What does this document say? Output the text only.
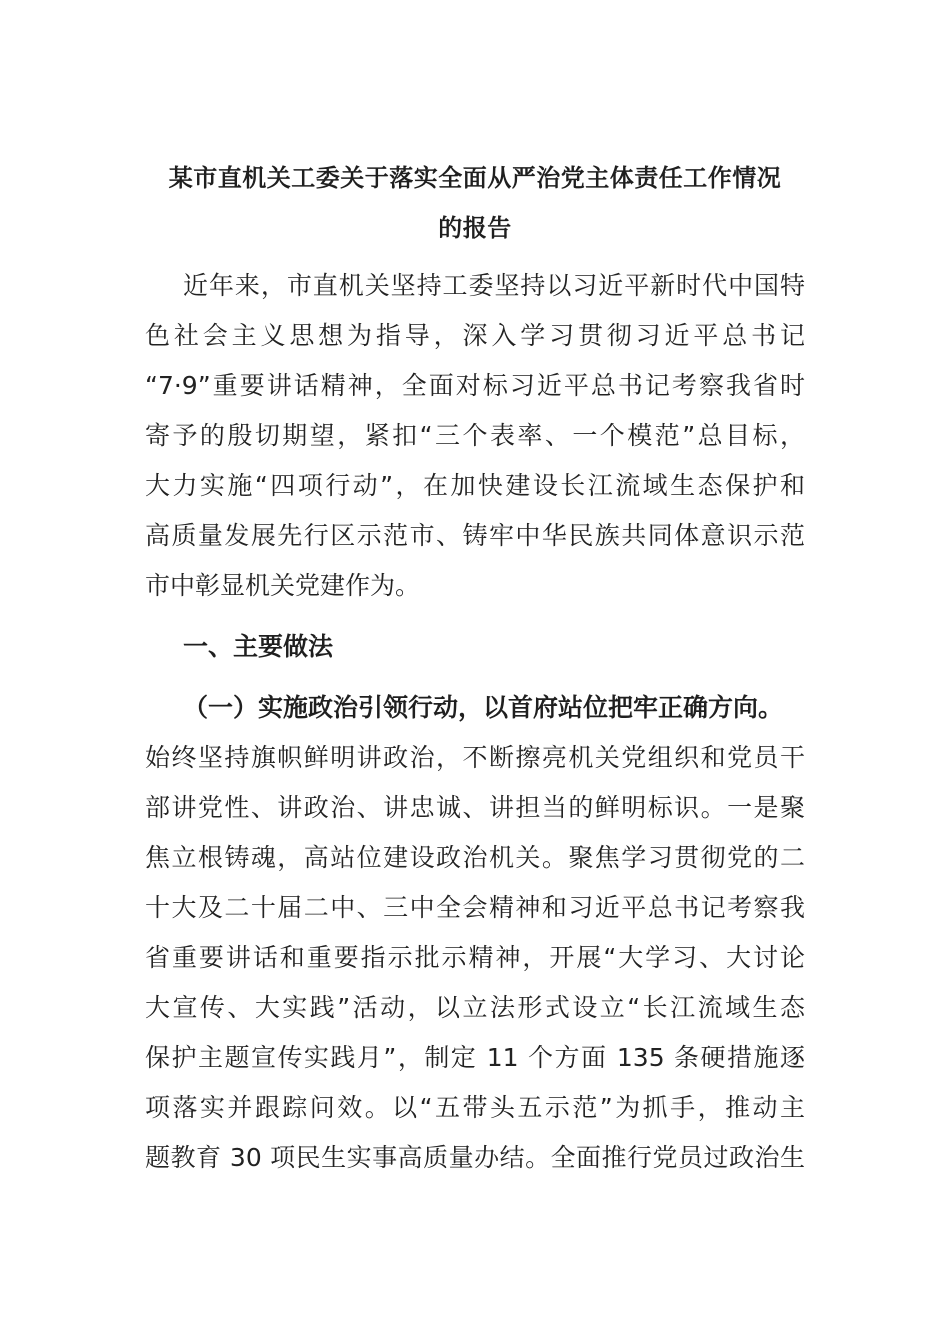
某市直机关工委关于落实全面从严治党主体责任工作情况
的报告
近年来，市直机关坚持工委坚持以习近平新时代中国特
色社会主义思想为指导，深入学习贯彻习近平总书记
“7·9”重要讲话精神，全面对标习近平总书记考察我省时
寄予的殷切期望，紧扣“三个表率、一个模范”总目标，
大力实施“四项行动”，在加快建设长江流域生态保护和
高质量发展先行区示范市、铸牢中华民族共同体意识示范
市中彰显机关党建作为。
一、主要做法
（一）实施政治引领行动，以首府站位把牢正确方向。
始终坚持旗帜鲜明讲政治，不断擦亮机关党组织和党员干
部讲党性、讲政治、讲忠诚、讲担当的鲜明标识。一是聚
焦立根铸魂，高站位建设政治机关。聚焦学习贯彻党的二
十大及二十届二中、三中全会精神和习近平总书记考察我
省重要讲话和重要指示批示精神，开展“大学习、大讨论
大宣传、大实践”活动，以立法形式设立“长江流域生态
保护主题宣传实践月”，制定 11 个方面 135 条硬措施逐
项落实并跟踪问效。以“五带头五示范”为抓手，推动主
题教育 30 项民生实事高质量办结。全面推行党员过政治生
